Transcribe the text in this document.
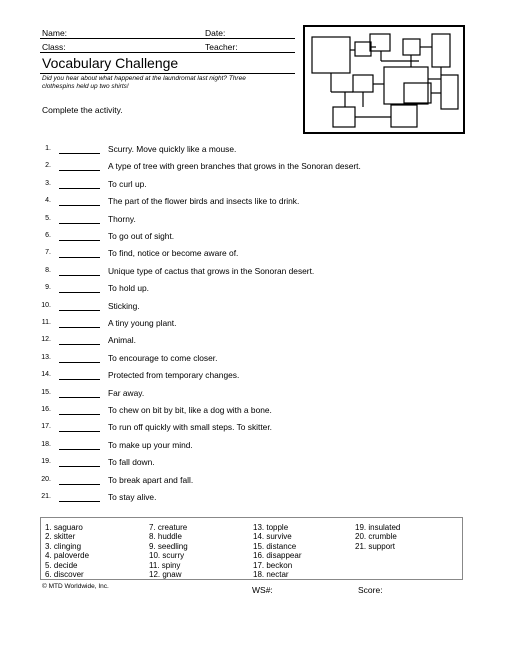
Name:	Date:
Class:	Teacher:
Vocabulary Challenge
Did you hear about what happened at the laundromat last night? Three
clothespins held up two shirts!
Complete the activity.
1.	Scurry. Move quickly like a mouse.
2.	A type of tree with green branches that grows in the Sonoran desert.
3.	To curl up.
4.	The part of the flower birds and insects like to drink.
5.	Thorny.
6.	To go out of sight.
7.	To find, notice or become aware of.
8.	Unique type of cactus that grows in the Sonoran desert.
9.	To hold up.
10.	Sticking.
11.	A tiny young plant.
12.	Animal.
13.	To encourage to come closer.
14.	Protected from temporary changes.
15.	Far away.
16.	To chew on bit by bit, like a dog with a bone.
17.	To run off quickly with small steps. To skitter.
18.	To make up your mind.
19.	To fall down.
20.	To break apart and fall.
21.	To stay alive.
1. saguaro
2. skitter
3. clinging
4. paloverde
5. decide
6. discover
7. creature
8. huddle
9. seedling
10. scurry
11. spiny
12. gnaw
13. topple
14. survive
15. distance
16. disappear
17. beckon
18. nectar
19. insulated
20. crumble
21. support
© MTD Worldwide, Inc.	WS#:	Score:
